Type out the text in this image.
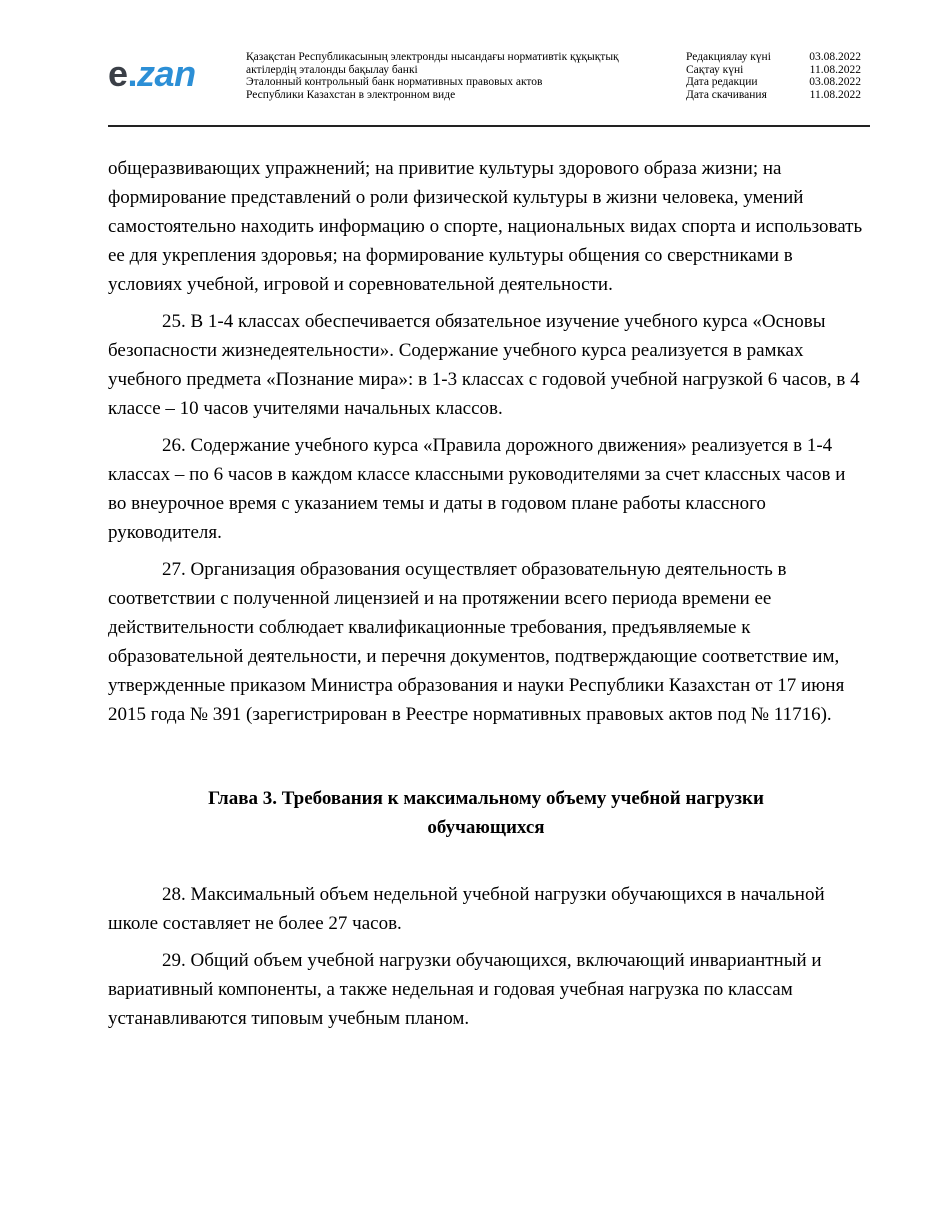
e.zan	Қазақстан Республикасының электронды нысандағы нормативтік құқықтық
актілердің эталонды бақылау банкі
Эталонный контрольный банк нормативных правовых актов
Республики Казахстан в электронном виде
Редакциялау күні	03.08.2022
Сақтау күні	11.08.2022
Дата редакции	03.08.2022
Дата скачивания	11.08.2022

общеразвивающих упражнений; на привитие культуры здорового образа жизни; на формирование представлений о роли физической культуры в жизни человека, умений самостоятельно находить информацию о спорте, национальных видах спорта и использовать ее для укрепления здоровья; на формирование культуры общения со сверстниками в условиях учебной, игровой и соревновательной деятельности.

25. В 1-4 классах обеспечивается обязательное изучение учебного курса «Основы безопасности жизнедеятельности». Содержание учебного курса реализуется в рамках учебного предмета «Познание мира»: в 1-3 классах с годовой учебной нагрузкой 6 часов, в 4 классе – 10 часов учителями начальных классов.

26. Содержание учебного курса «Правила дорожного движения» реализуется в 1-4 классах – по 6 часов в каждом классе классными руководителями за счет классных часов и во внеурочное время с указанием темы и даты в годовом плане работы классного руководителя.

27. Организация образования осуществляет образовательную деятельность в соответствии с полученной лицензией и на протяжении всего периода времени ее действительности соблюдает квалификационные требования, предъявляемые к образовательной деятельности, и перечня документов, подтверждающие соответствие им, утвержденные приказом Министра образования и науки Республики Казахстан от 17 июня 2015 года № 391 (зарегистрирован в Реестре нормативных правовых актов под № 11716).

Глава 3. Требования к максимальному объему учебной нагрузки обучающихся

28. Максимальный объем недельной учебной нагрузки обучающихся в начальной школе составляет не более 27 часов.

29. Общий объем учебной нагрузки обучающихся, включающий инвариантный и вариативный компоненты, а также недельная и годовая учебная нагрузка по классам устанавливаются типовым учебным планом.
